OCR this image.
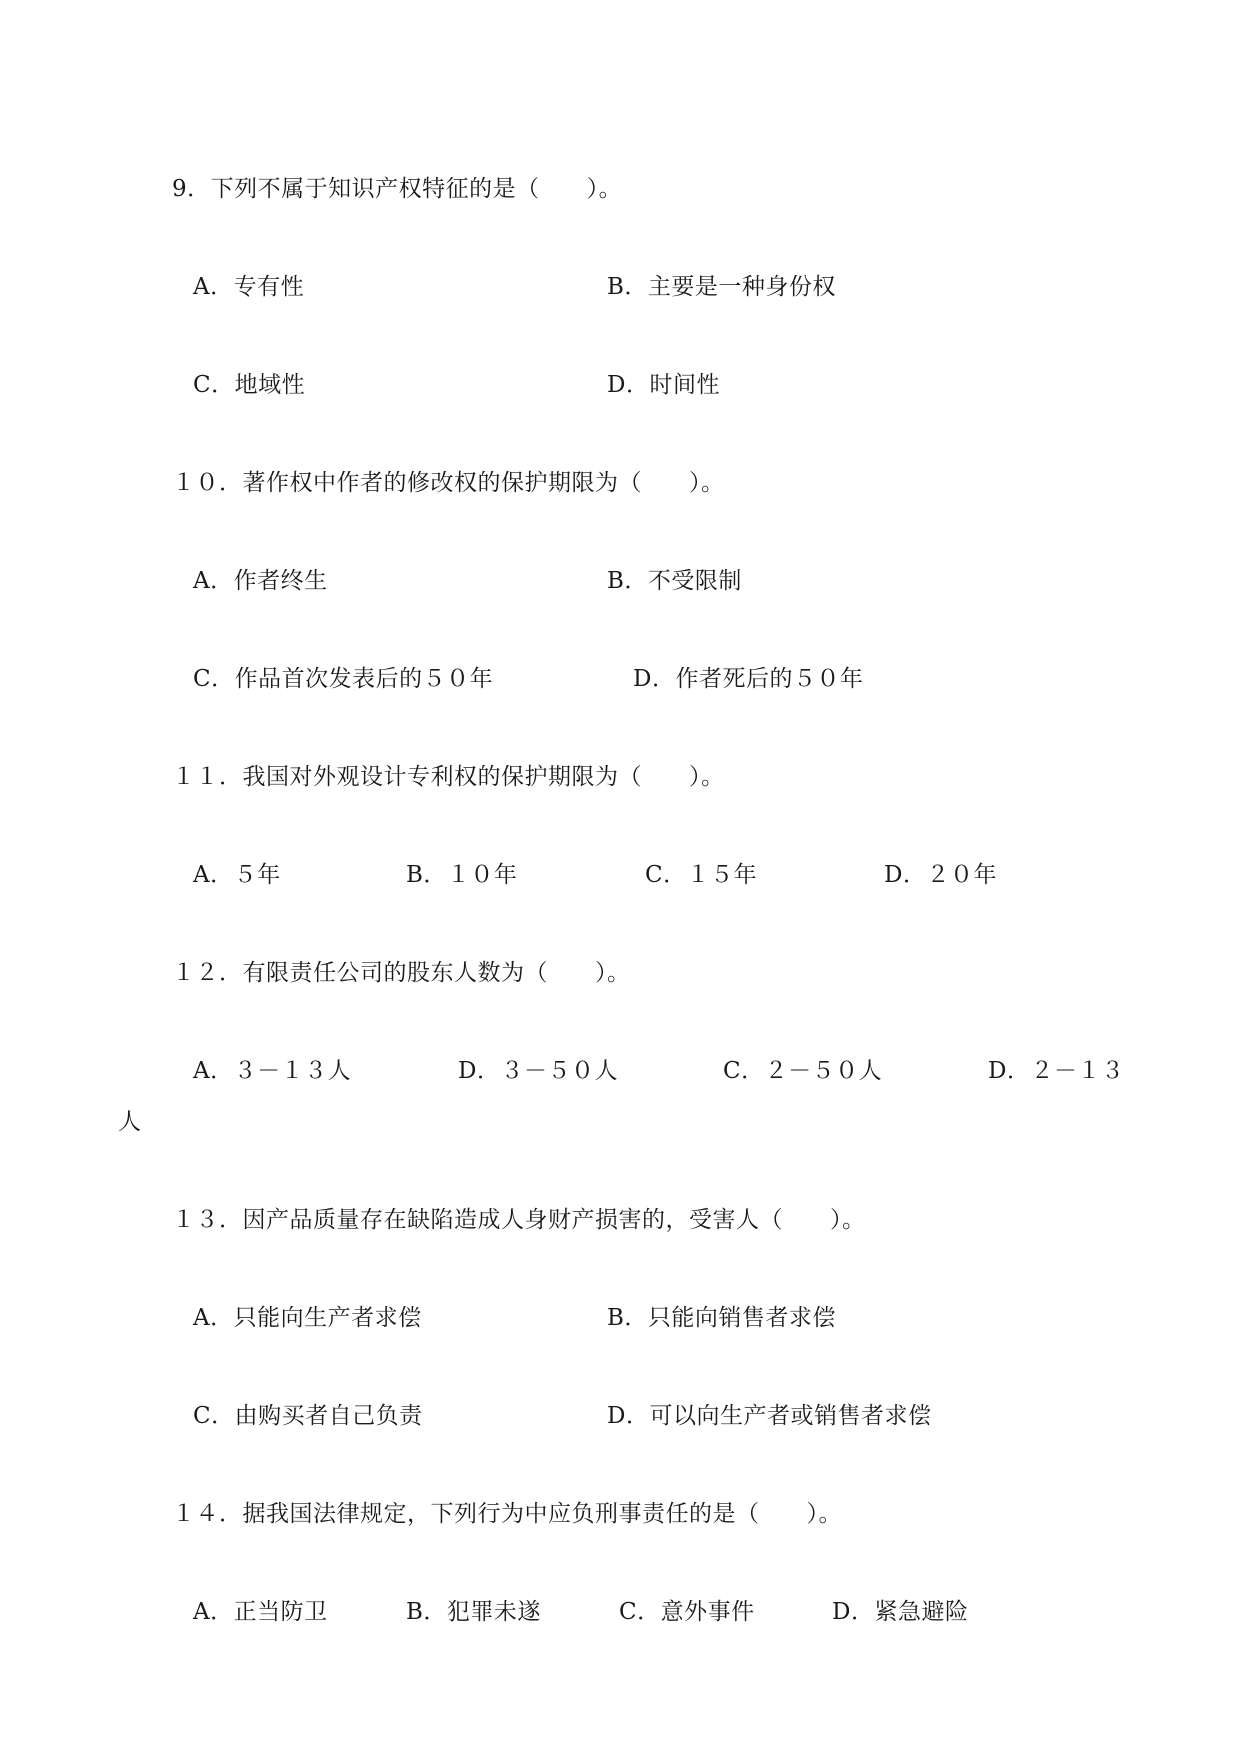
9．下列不属于知识产权特征的是（　　）。
A．专有性	B．主要是一种身份权
C．地域性	D．时间性
１０．著作权中作者的修改权的保护期限为（　　）。
A．作者终生	B．不受限制
C．作品首次发表后的５０年	D．作者死后的５０年
１１．我国对外观设计专利权的保护期限为（　　）。
A．５年	B．１０年	C．１５年	D．２０年
１２．有限责任公司的股东人数为（　　）。
A．３－１３人	D．３－５０人	C．２－５０人	D．２－１３
人
１３．因产品质量存在缺陷造成人身财产损害的，受害人（　　）。
A．只能向生产者求偿	B．只能向销售者求偿
C．由购买者自己负责	D．可以向生产者或销售者求偿
１４．据我国法律规定，下列行为中应负刑事责任的是（　　）。
A．正当防卫	B．犯罪未遂	C．意外事件	D．紧急避险
